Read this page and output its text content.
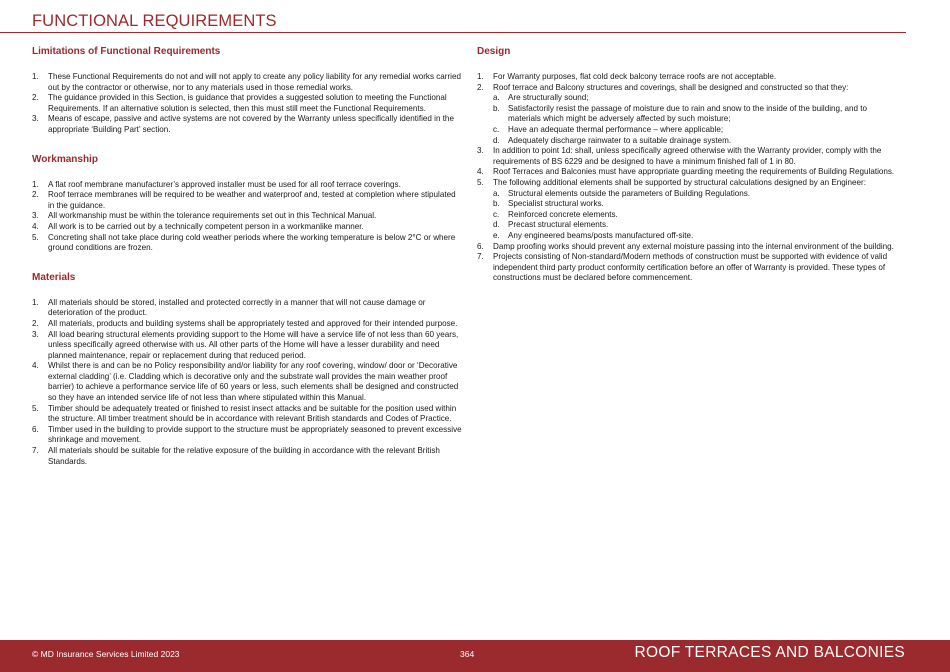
FUNCTIONAL REQUIREMENTS
Limitations of Functional Requirements
1. These Functional Requirements do not and will not apply to create any policy liability for any remedial works carried out by the contractor or otherwise, nor to any materials used in those remedial works.
2. The guidance provided in this Section, is guidance that provides a suggested solution to meeting the Functional Requirements. If an alternative solution is selected, then this must still meet the Functional Requirements.
3. Means of escape, passive and active systems are not covered by the Warranty unless specifically identified in the appropriate ‘Building Part’ section.
Workmanship
1. A flat roof membrane manufacturer’s approved installer must be used for all roof terrace coverings.
2. Roof terrace membranes will be required to be weather and waterproof and, tested at completion where stipulated in the guidance.
3. All workmanship must be within the tolerance requirements set out in this Technical Manual.
4. All work is to be carried out by a technically competent person in a workmanlike manner.
5. Concreting shall not take place during cold weather periods where the working temperature is below 2°C or where ground conditions are frozen.
Materials
1. All materials should be stored, installed and protected correctly in a manner that will not cause damage or deterioration of the product.
2. All materials, products and building systems shall be appropriately tested and approved for their intended purpose.
3. All load bearing structural elements providing support to the Home will have a service life of not less than 60 years, unless specifically agreed otherwise with us. All other parts of the Home will have a lesser durability and need planned maintenance, repair or replacement during that reduced period.
4. Whilst there is and can be no Policy responsibility and/or liability for any roof covering, window/ door or ‘Decorative external cladding’ (i.e. Cladding which is decorative only and the substrate wall provides the main weather proof barrier) to achieve a performance service life of 60 years or less, such elements shall be designed and constructed so they have an intended service life of not less than where stipulated within this Manual.
5. Timber should be adequately treated or finished to resist insect attacks and be suitable for the position used within the structure. All timber treatment should be in accordance with relevant British standards and Codes of Practice.
6. Timber used in the building to provide support to the structure must be appropriately seasoned to prevent excessive shrinkage and movement.
7. All materials should be suitable for the relative exposure of the building in accordance with the relevant British Standards.
Design
1. For Warranty purposes, flat cold deck balcony terrace roofs are not acceptable.
2. Roof terrace and Balcony structures and coverings, shall be designed and constructed so that they:
a. Are structurally sound;
b. Satisfactorily resist the passage of moisture due to rain and snow to the inside of the building, and to materials which might be adversely affected by such moisture;
c. Have an adequate thermal performance – where applicable;
d. Adequately discharge rainwater to a suitable drainage system.
3. In addition to point 1d: shall, unless specifically agreed otherwise with the Warranty provider, comply with the requirements of BS 6229 and be designed to have a minimum finished fall of 1 in 80.
4. Roof Terraces and Balconies must have appropriate guarding meeting the requirements of Building Regulations.
5. The following additional elements shall be supported by structural calculations designed by an Engineer:
a. Structural elements outside the parameters of Building Regulations.
b. Specialist structural works.
c. Reinforced concrete elements.
d. Precast structural elements.
e. Any engineered beams/posts manufactured off-site.
6. Damp proofing works should prevent any external moisture passing into the internal environment of the building.
7. Projects consisting of Non-standard/Modern methods of construction must be supported with evidence of valid independent third party product conformity certification before an offer of Warranty is provided. These types of constructions must be declared before commencement.
© MD Insurance Services Limited 2023	364	ROOF TERRACES AND BALCONIES
